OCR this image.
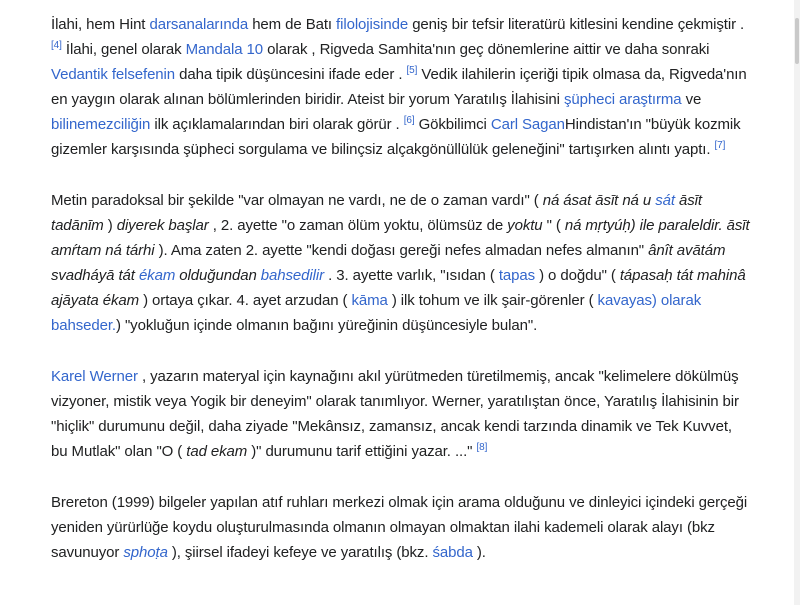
İlahi, hem Hint darsanalarında hem de Batı filolojisinde geniş bir tefsir literatürü kitlesini kendine çekmiştir . [4] İlahi, genel olarak Mandala 10 olarak , Rigveda Samhita'nın geç dönemlerine aittir ve daha sonraki Vedantik felsefenin daha tipik düşüncesini ifade eder . [5] Vedik ilahilerin içeriği tipik olmasa da, Rigveda'nın en yaygın olarak alınan bölümlerinden biridir. Ateist bir yorum Yaratılış İlahisini şüpheci araştırma ve bilinemezciliğin ilk açıklamalarından biri olarak görür . [6] Gökbilimci Carl SaganHindistan'ın "büyük kozmik gizemler karşısında şüpheci sorgulama ve bilinçsiz alçakgönüllülük geleneğini" tartışırken alıntı yaptı. [7]

Metin paradoksal bir şekilde "var olmayan ne vardı, ne de o zaman vardı" ( ná ásat āsīt ná u sát āsīt tadānīm ) diyerek başlar , 2. ayette "o zaman ölüm yoktu, ölümsüz de yoktu " ( ná mṛtyúḥ) ile paraleldir. āsīt amŕtam ná tárhi ). Ama zaten 2. ayette "kendi doğası gereği nefes almadan nefes almanın" ânît avātám svadháyā tát ékam olduğundan bahsedilir . 3. ayette varlık, "ısıdan ( tapas ) o doğdu" ( tápasaḥ tát mahinâ ajāyata ékam ) ortaya çıkar. 4. ayet arzudan ( kāma ) ilk tohum ve ilk şair-görenler ( kavayas) olarak bahseder.) "yokluğun içinde olmanın bağını yüreğinin düşüncesiyle bulan".

Karel Werner , yazarın materyal için kaynağını akıl yürütmeden türetilmemiş, ancak "kelimelere dökülmüş vizyoner, mistik veya Yogik bir deneyim" olarak tanımlıyor. Werner, yaratılıştan önce, Yaratılış İlahisinin bir "hiçlik" durumunu değil, daha ziyade "Mekânsız, zamansız, ancak kendi tarzında dinamik ve Tek Kuvvet, bu Mutlak" olan "O ( tad ekam )" durumunu tarif ettiğini yazar. ..." [8]

Brereton (1999) bilgeler yapılan atıf ruhları merkezi olmak için arama olduğunu ve dinleyici içindeki gerçeği yeniden yürürlüğe koydu oluşturulmasında olmanın olmayan olmaktan ilahi kademeli olarak alayı (bkz savunuyor sphoṭa ), şiirsel ifadeyi kefeye ve yaratılış (bkz. śabda ).
